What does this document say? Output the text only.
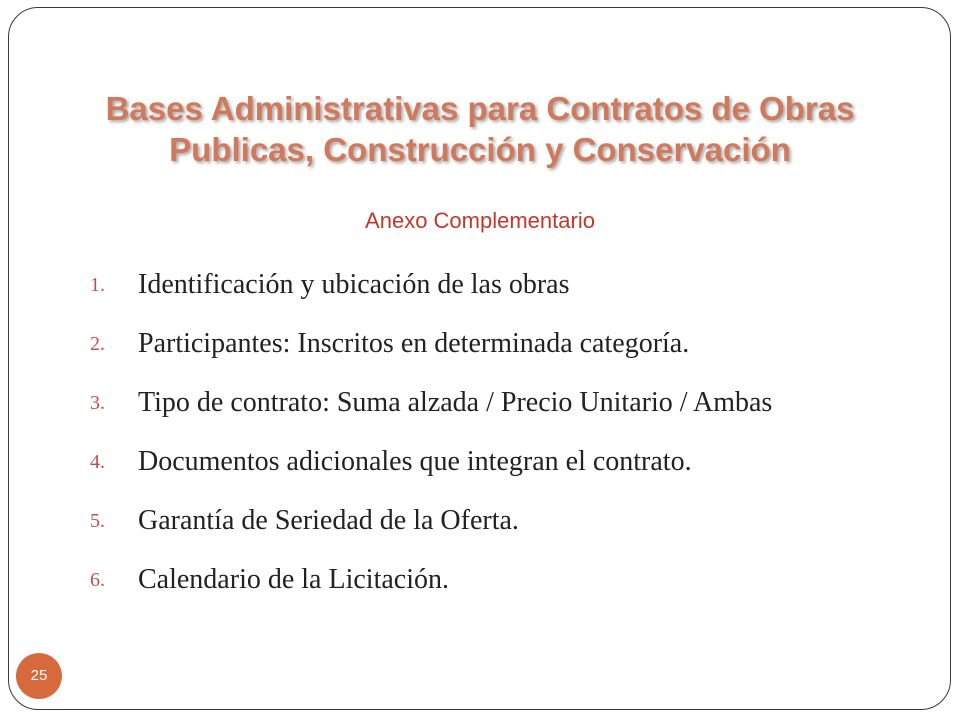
Bases Administrativas para Contratos de Obras
Publicas, Construcción y Conservación
Anexo Complementario
1.	Identificación y ubicación de las obras
2.	Participantes: Inscritos en determinada categoría.
3.	Tipo de contrato: Suma alzada / Precio Unitario / Ambas
4.	Documentos adicionales que integran el contrato.
5.	Garantía de Seriedad de la Oferta.
6.	Calendario de la Licitación.
25
